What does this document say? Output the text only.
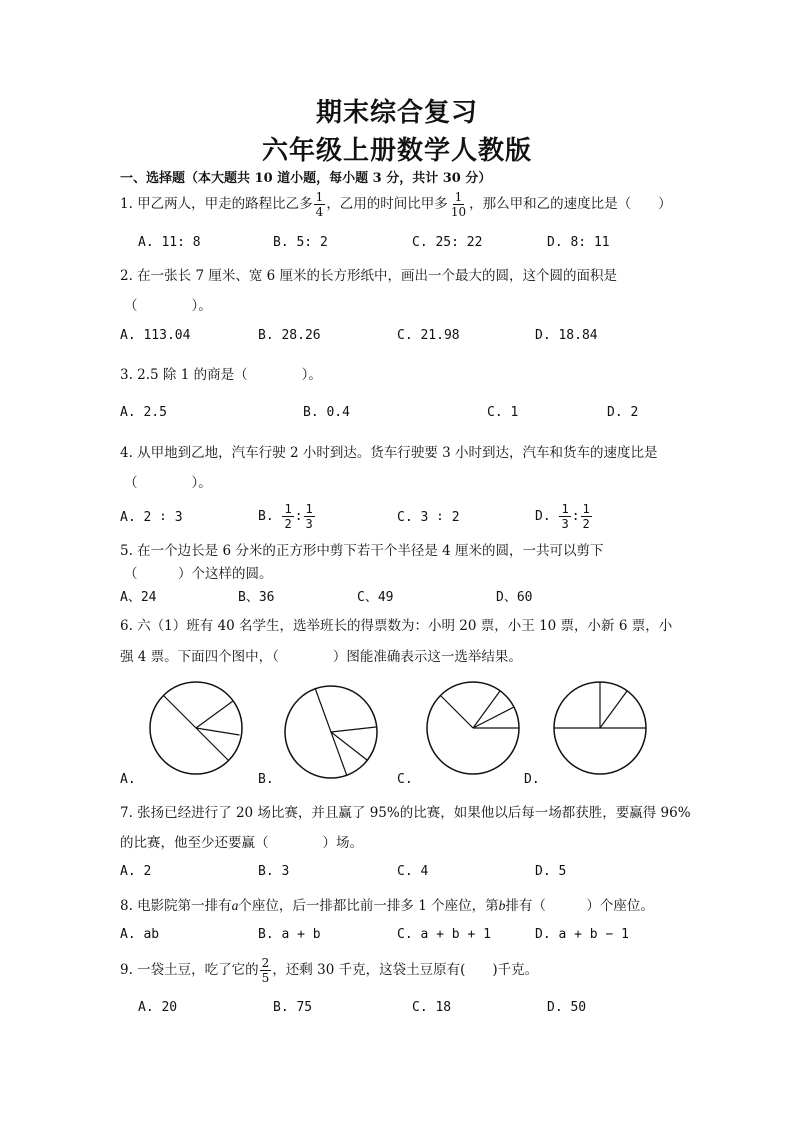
期末综合复习
六年级上册数学人教版
一、选择题（本大题共 10 道小题，每小题 3 分，共计 30 分）
1. 甲乙两人，甲走的路程比乙多 $\frac{1}{4}$ ，乙用的时间比甲多 $\frac{1}{10}$ ，那么甲和乙的速度比是（　　）
A. 11: 8	B. 5: 2	C. 25: 22	D. 8: 11
2. 在一张长 7 厘米、宽 6 厘米的长方形纸中，画出一个最大的圆，这个圆的面积是
（　　　　）。
A. 113.04	B. 28.26	C. 21.98	D. 18.84
3. 2.5 除 1 的商是（　　　　）。
A. 2.5	B. 0.4	C. 1	D. 2
4. 从甲地到乙地，汽车行驶 2 小时到达。货车行驶要 3 小时到达，汽车和货车的速度比是
（　　　　）。
A. 2 ∶ 3	B. $\frac{1}{2}$ : $\frac{1}{3}$	C. 3 ∶ 2	D. $\frac{1}{3}$ : $\frac{1}{2}$
5. 在一个边长是 6 分米的正方形中剪下若干个半径是 4 厘米的圆，一共可以剪下
（　　　）个这样的圆。
A、24	B、36	C、49	D、60
6. 六（1）班有 40 名学生，选举班长的得票数为：小明 20 票，小王 10 票，小新 6 票，小
强 4 票。下面四个图中，（　　　　）图能准确表示这一选举结果。
A.	B.	C.	D.
7. 张扬已经进行了 20 场比赛，并且赢了 95%的比赛，如果他以后每一场都获胜，要赢得 96%
的比赛，他至少还要赢（　　　　）场。
A. 2	B. 3	C. 4	D. 5
8. 电影院第一排有a个座位，后一排都比前一排多 1 个座位，第b排有（　　　）个座位。
A. ab	B. a + b	C. a + b + 1	D. a + b − 1
9. 一袋土豆，吃了它的 $\frac{2}{5}$ ，还剩 30 千克，这袋土豆原有(　　)千克。
A. 20	B. 75	C. 18	D. 50
